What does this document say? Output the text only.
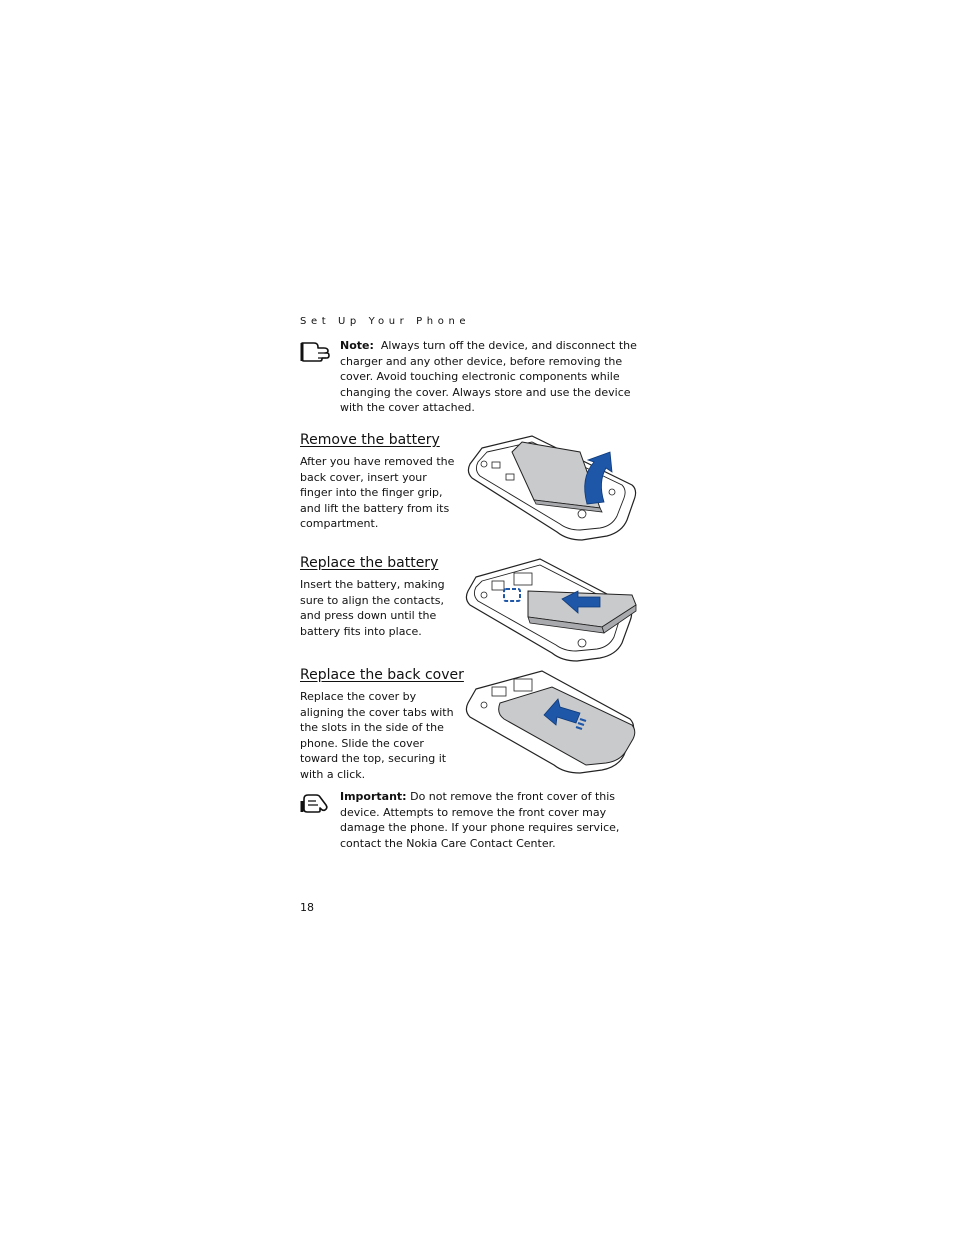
Set Up Your Phone
Note: Always turn off the device, and disconnect the charger and any other device, before removing the cover. Avoid touching electronic components while changing the cover. Always store and use the device with the cover attached.
Remove the battery

After you have removed the back cover, insert your finger into the finger grip, and lift the battery from its compartment.

Replace the battery

Insert the battery, making sure to align the contacts, and press down until the battery fits into place.

Replace the back cover

Replace the cover by aligning the cover tabs with the slots in the side of the phone. Slide the cover toward the top, securing it with a click.

Important: Do not remove the front cover of this device. Attempts to remove the front cover may damage the phone. If your phone requires service, contact the Nokia Care Contact Center.
18
